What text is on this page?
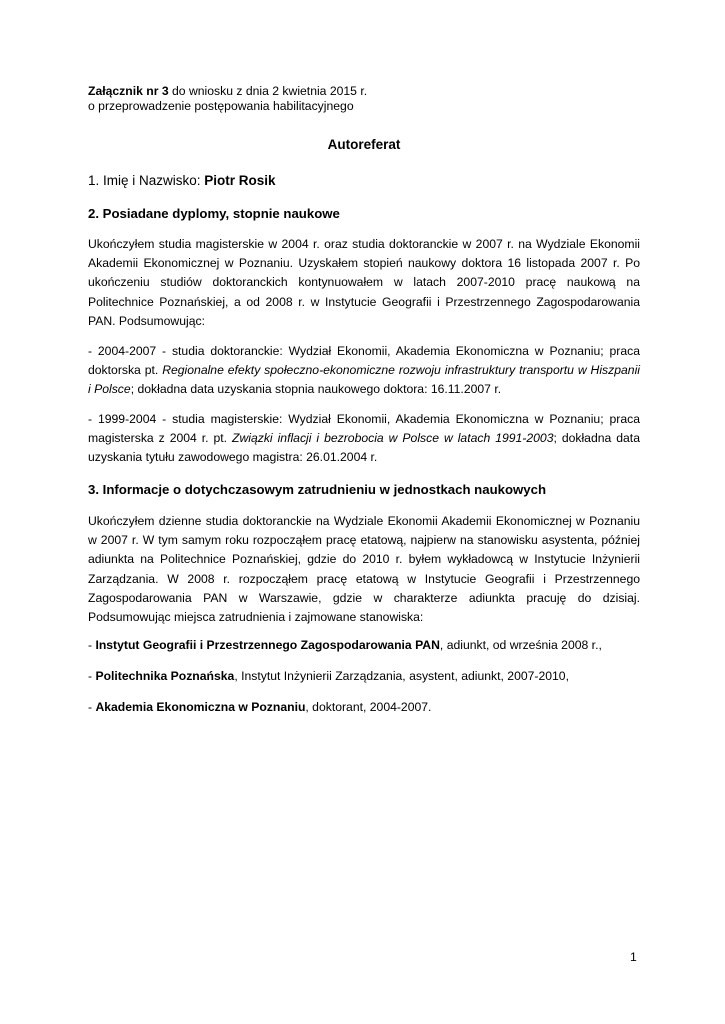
Załącznik nr 3 do wniosku z dnia 2 kwietnia 2015 r.
o przeprowadzenie postępowania habilitacyjnego
Autoreferat
1. Imię i Nazwisko: Piotr Rosik
2. Posiadane dyplomy, stopnie naukowe
Ukończyłem studia magisterskie w 2004 r. oraz studia doktoranckie w 2007 r. na Wydziale Ekonomii Akademii Ekonomicznej w Poznaniu. Uzyskałem stopień naukowy doktora 16 listopada 2007 r. Po ukończeniu studiów doktoranckich kontynuowałem w latach 2007-2010 pracę naukową na Politechnice Poznańskiej, a od 2008 r. w Instytucie Geografii i Przestrzennego Zagospodarowania PAN. Podsumowując:
- 2004-2007 - studia doktoranckie: Wydział Ekonomii, Akademia Ekonomiczna w Poznaniu; praca doktorska pt. Regionalne efekty społeczno-ekonomiczne rozwoju infrastruktury transportu w Hiszpanii i Polsce; dokładna data uzyskania stopnia naukowego doktora: 16.11.2007 r.
- 1999-2004 - studia magisterskie: Wydział Ekonomii, Akademia Ekonomiczna w Poznaniu; praca magisterska z 2004 r. pt. Związki inflacji i bezrobocia w Polsce w latach 1991-2003; dokładna data uzyskania tytułu zawodowego magistra: 26.01.2004 r.
3. Informacje o dotychczasowym zatrudnieniu w jednostkach naukowych
Ukończyłem dzienne studia doktoranckie na Wydziale Ekonomii Akademii Ekonomicznej w Poznaniu w 2007 r. W tym samym roku rozpocząłem pracę etatową, najpierw na stanowisku asystenta, później adiunkta na Politechnice Poznańskiej, gdzie do 2010 r. byłem wykładowcą w Instytucie Inżynierii Zarządzania. W 2008 r. rozpocząłem pracę etatową w Instytucie Geografii i Przestrzennego Zagospodarowania PAN w Warszawie, gdzie w charakterze adiunkta pracuję do dzisiaj. Podsumowując miejsca zatrudnienia i zajmowane stanowiska:
- Instytut Geografii i Przestrzennego Zagospodarowania PAN, adiunkt, od września 2008 r.,
- Politechnika Poznańska, Instytut Inżynierii Zarządzania, asystent, adiunkt, 2007-2010,
- Akademia Ekonomiczna w Poznaniu, doktorant, 2004-2007.
1
